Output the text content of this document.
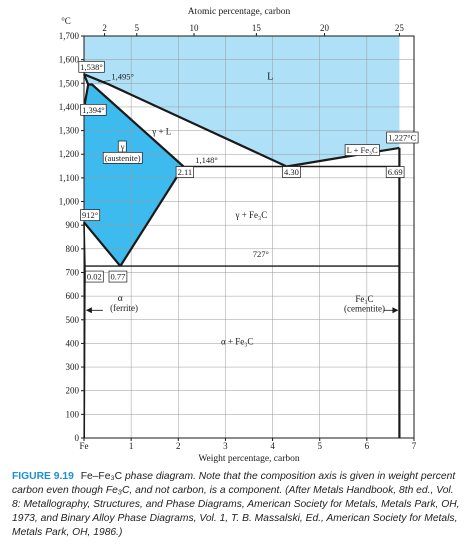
0
100
200
300
400
500
600
700
800
900
1,000
1,100
1,200
1,300
1,400
1,500
1,600
1,700
°C
Fe	1	2	3	4	5	6	7
Weight percentage, carbon
2	5	10	15	20	25
Atomic percentage, carbon
1,538°
1,495°
1,394°
1,227°C
912°
1,148°
2.11	4.30	6.69
727°
0.02 0.77
L
γ + L
γ
(austenite)
L + Fe₃C
γ + Fe₃C
α
(ferrite)
α + Fe₃C
Fe₃C
(cementite)
FIGURE 9.19 Fe–Fe₃C phase diagram. Note that the composition axis is given in weight percent carbon even though Fe₃C, and not carbon, is a component. (After Metals Handbook, 8th ed., Vol. 8: Metallography, Structures, and Phase Diagrams, American Society for Metals, Metals Park, OH, 1973, and Binary Alloy Phase Diagrams, Vol. 1, T. B. Massalski, Ed., American Society for Metals, Metals Park, OH, 1986.)
